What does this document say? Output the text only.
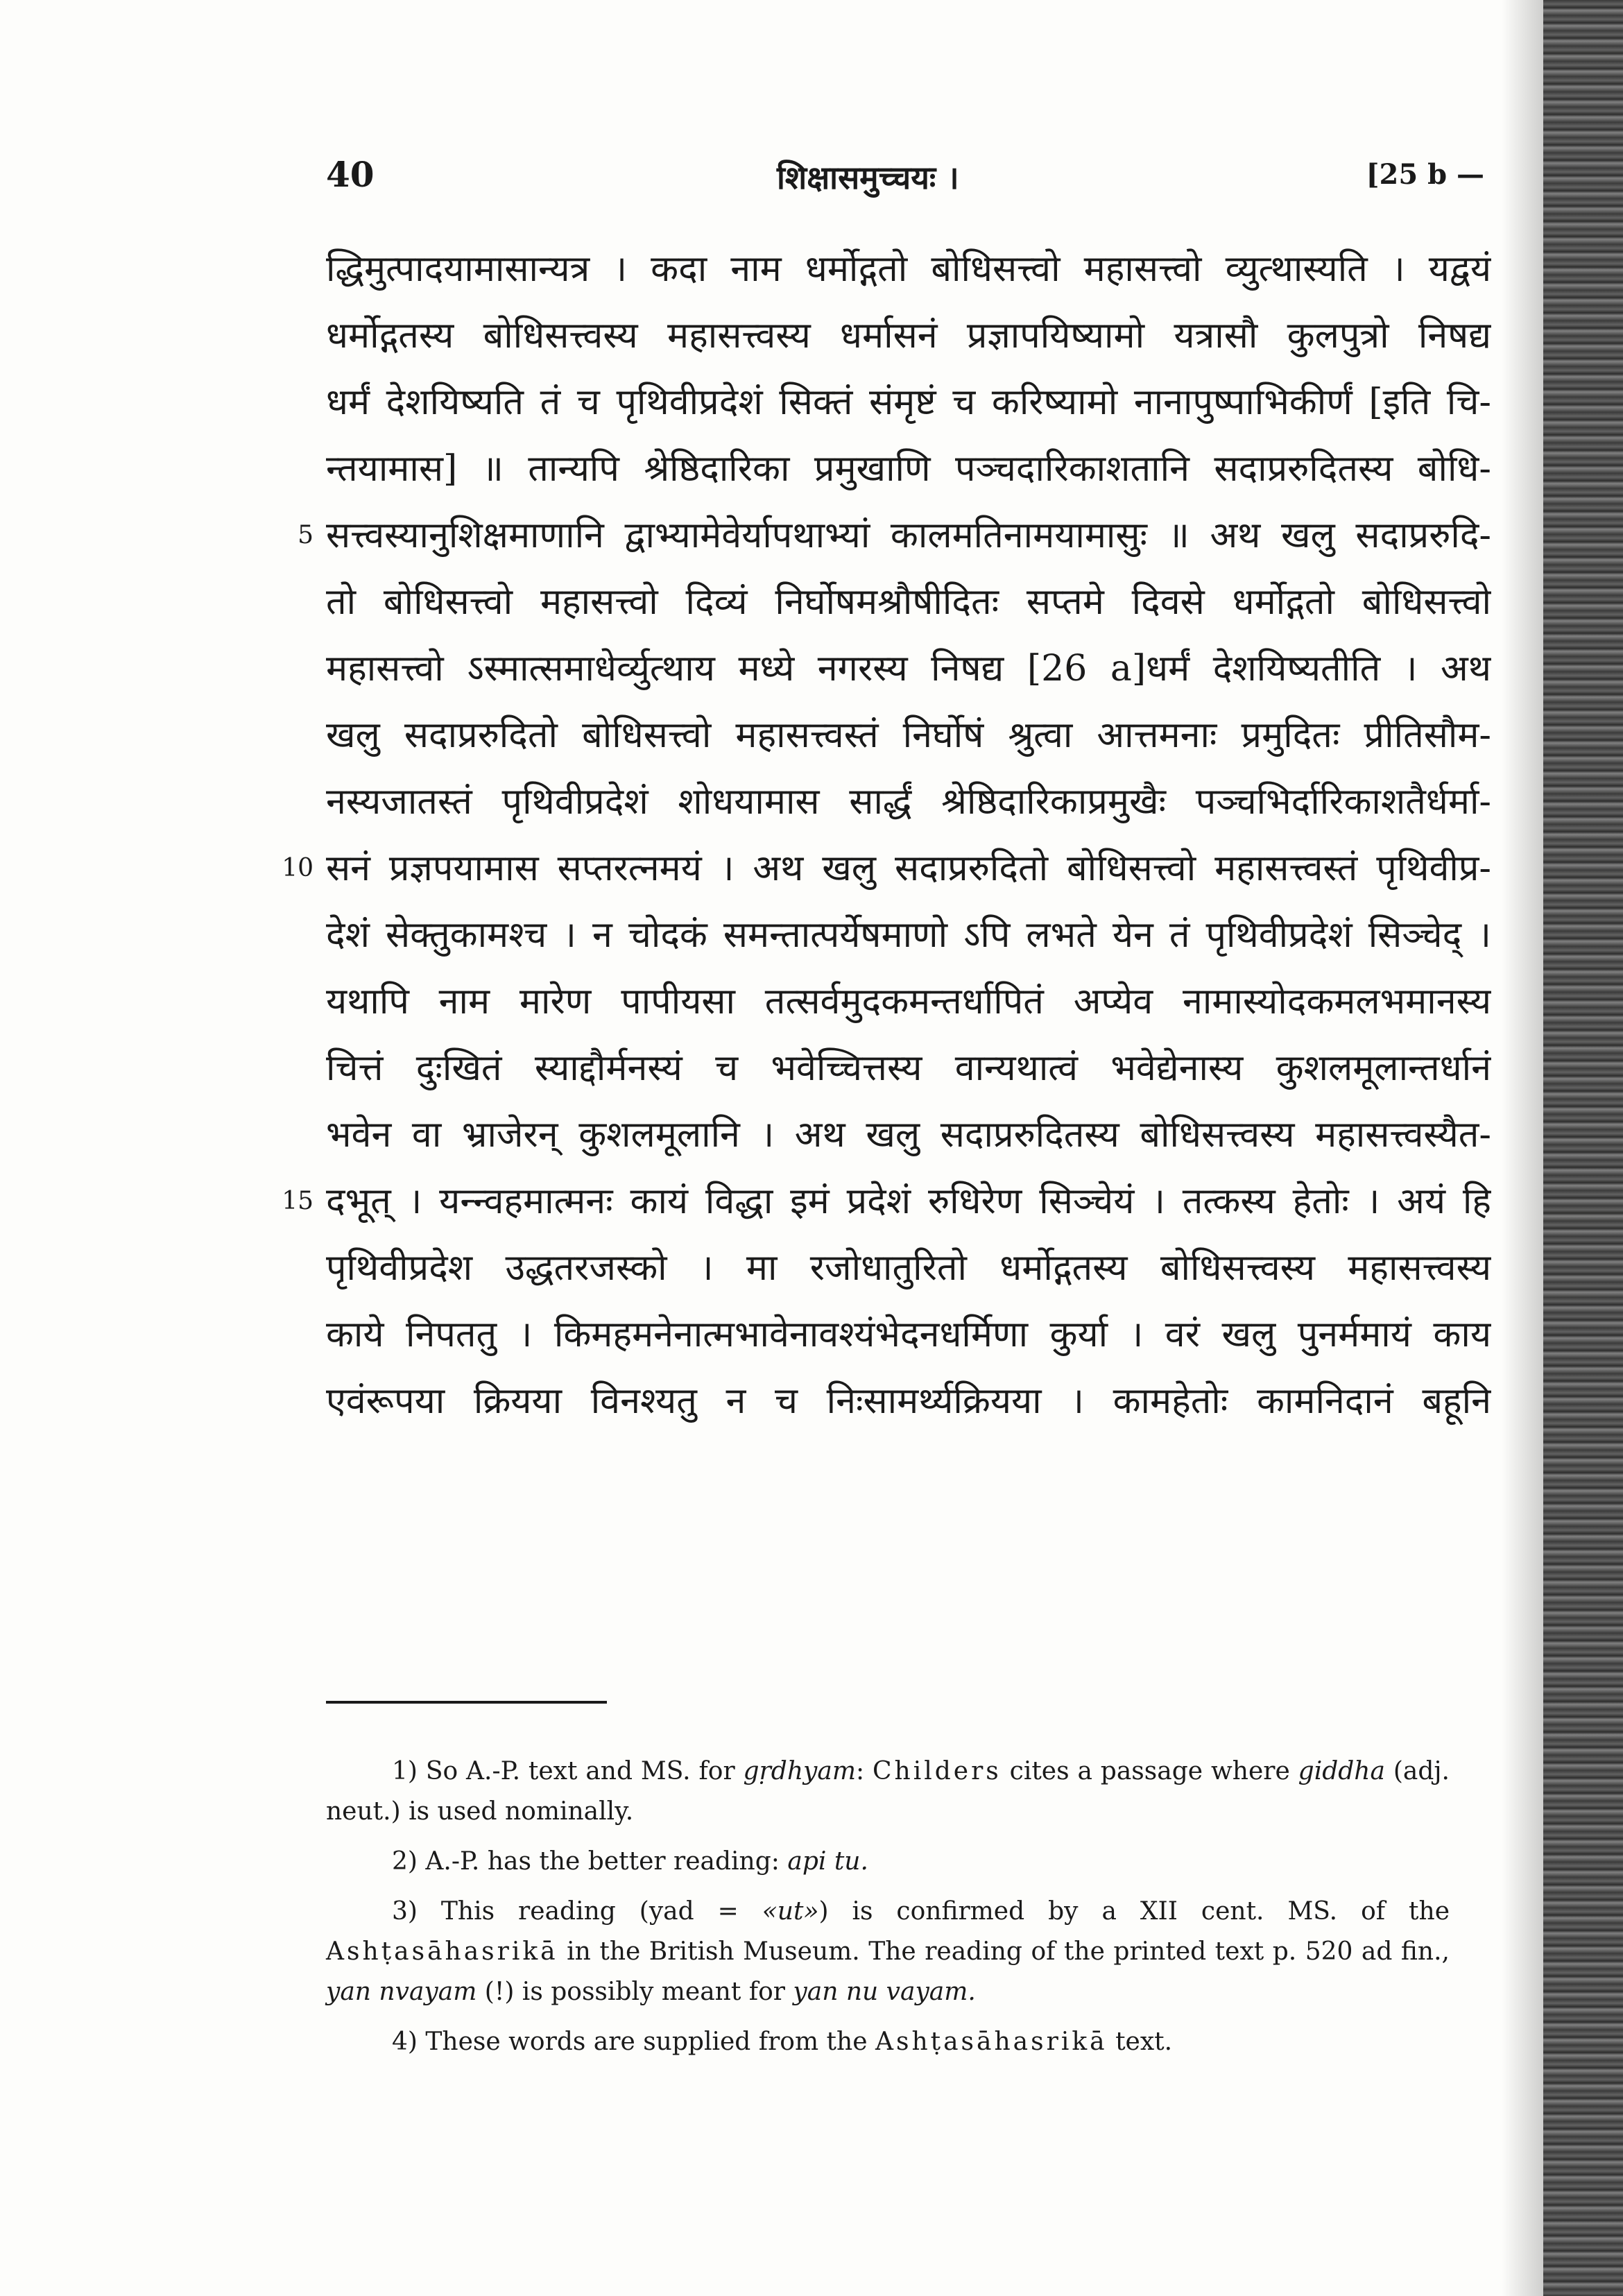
40	शिक्षासमुच्चयः ।	[25 b —
द्धिमुत्पादयामासान्यत्र । कदा नाम धर्मोद्गतो बोधिसत्त्वो महासत्त्वो व्युत्थास्यति । यद्वयं
धर्मोद्गतस्य बोधिसत्त्वस्य महासत्त्वस्य धर्मासनं प्रज्ञापयिष्यामो यत्रासौ कुलपुत्रो निषद्य
धर्मं देशयिष्यति तं च पृथिवीप्रदेशं सिक्तं संमृष्टं च करिष्यामो नानापुष्पाभिकीर्णं [इति चि-
न्तयामास] ॥ तान्यपि श्रेष्ठिदारिका प्रमुखाणि पञ्चदारिकाशतानि सदाप्ररुदितस्य बोधि-
5 सत्त्वस्यानुशिक्षमाणानि द्वाभ्यामेवेर्यापथाभ्यां कालमतिनामयामासुः ॥ अथ खलु सदाप्ररुदि-
तो बोधिसत्त्वो महासत्त्वो दिव्यं निर्घोषमश्रौषीदितः सप्तमे दिवसे धर्मोद्गतो बोधिसत्त्वो
महासत्त्वो ऽस्मात्समाधेर्व्युत्थाय मध्ये नगरस्य निषद्य [26 a]धर्मं देशयिष्यतीति । अथ
खलु सदाप्ररुदितो बोधिसत्त्वो महासत्त्वस्तं निर्घोषं श्रुत्वा आत्तमनाः प्रमुदितः प्रीतिसौम-
नस्यजातस्तं पृथिवीप्रदेशं शोधयामास सार्द्धं श्रेष्ठिदारिकाप्रमुखैः पञ्चभिर्दारिकाशतैर्धर्मा-
10 सनं प्रज्ञपयामास सप्तरत्नमयं । अथ खलु सदाप्ररुदितो बोधिसत्त्वो महासत्त्वस्तं पृथिवीप्र-
देशं सेक्तुकामश्च । न चोदकं समन्तात्पर्येषमाणो ऽपि लभते येन तं पृथिवीप्रदेशं सिञ्चेद् ।
यथापि नाम मारेण पापीयसा तत्सर्वमुदकमन्तर्धापितं अप्येव नामास्योदकमलभमानस्य
चित्तं दुःखितं स्याद्दौर्मनस्यं च भवेच्चित्तस्य वान्यथात्वं भवेद्येनास्य कुशलमूलान्तर्धानं
भवेन वा भ्राजेरन् कुशलमूलानि । अथ खलु सदाप्ररुदितस्य बोधिसत्त्वस्य महासत्त्वस्यैत-
15 दभूत् । यन्न्वहमात्मनः कायं विद्धा इमं प्रदेशं रुधिरेण सिञ्चेयं । तत्कस्य हेतोः । अयं हि
पृथिवीप्रदेश उद्धतरजस्को । मा रजोधातुरितो धर्मोद्गतस्य बोधिसत्त्वस्य महासत्त्वस्य
काये निपततु । किमहमनेनात्मभावेनावश्यंभेदनधर्मिणा कुर्या । वरं खलु पुनर्ममायं काय
एवंरूपया क्रियया विनश्यतु न च निःसामर्थ्यक्रियया । कामहेतोः कामनिदानं बहूनि

1) So A.-P. text and MS. for gṛdhyam: Childers cites a passage where giddha (adj. neut.) is used nominally.

2) A.-P. has the better reading: api tu.

3) This reading (yad = «ut») is confirmed by a XII cent. MS. of the Ashṭasāhasrikā in the British Museum. The reading of the printed text p. 520 ad fin., yan nvayam (!) is possibly meant for yan nu vayam.

4) These words are supplied from the Ashṭasāhasrikā text.
